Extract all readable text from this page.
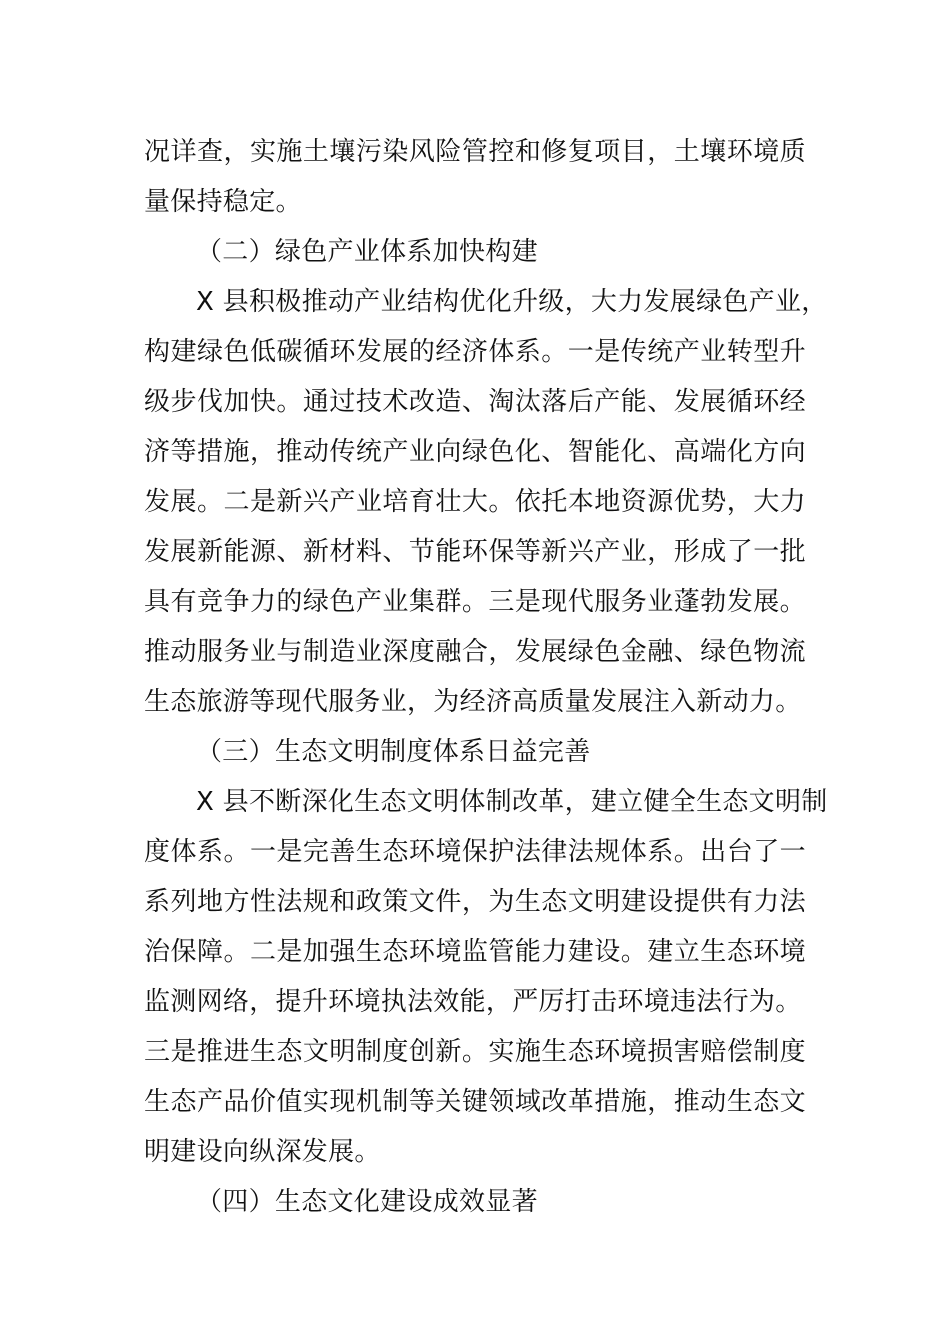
况详查，实施土壤污染风险管控和修复项目，土壤环境质
量保持稳定。
（二）绿色产业体系加快构建
X 县积极推动产业结构优化升级，大力发展绿色产业，
构建绿色低碳循环发展的经济体系。一是传统产业转型升
级步伐加快。通过技术改造、淘汰落后产能、发展循环经
济等措施，推动传统产业向绿色化、智能化、高端化方向
发展。二是新兴产业培育壮大。依托本地资源优势，大力
发展新能源、新材料、节能环保等新兴产业，形成了一批
具有竞争力的绿色产业集群。三是现代服务业蓬勃发展。
推动服务业与制造业深度融合，发展绿色金融、绿色物流
生态旅游等现代服务业，为经济高质量发展注入新动力。
（三）生态文明制度体系日益完善
X 县不断深化生态文明体制改革，建立健全生态文明制
度体系。一是完善生态环境保护法律法规体系。出台了一
系列地方性法规和政策文件，为生态文明建设提供有力法
治保障。二是加强生态环境监管能力建设。建立生态环境
监测网络，提升环境执法效能，严厉打击环境违法行为。
三是推进生态文明制度创新。实施生态环境损害赔偿制度
生态产品价值实现机制等关键领域改革措施，推动生态文
明建设向纵深发展。
（四）生态文化建设成效显著
